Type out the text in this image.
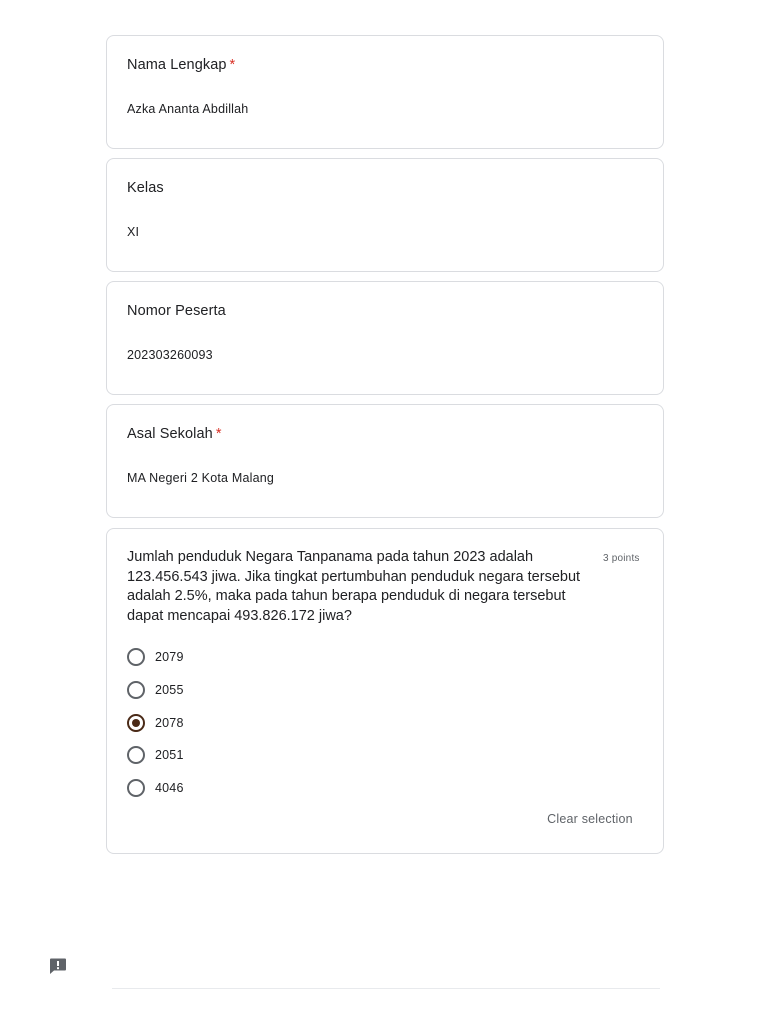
Nama Lengkap *
Azka Ananta Abdillah
Kelas
XI
Nomor Peserta
202303260093
Asal Sekolah *
MA Negeri 2 Kota Malang
Jumlah penduduk Negara Tanpanama pada tahun 2023 adalah 123.456.543 jiwa. Jika tingkat pertumbuhan penduduk negara tersebut adalah 2.5%, maka pada tahun berapa penduduk di negara tersebut dapat mencapai 493.826.172 jiwa?
3 points
2079
2055
2078
2051
4046
Clear selection
